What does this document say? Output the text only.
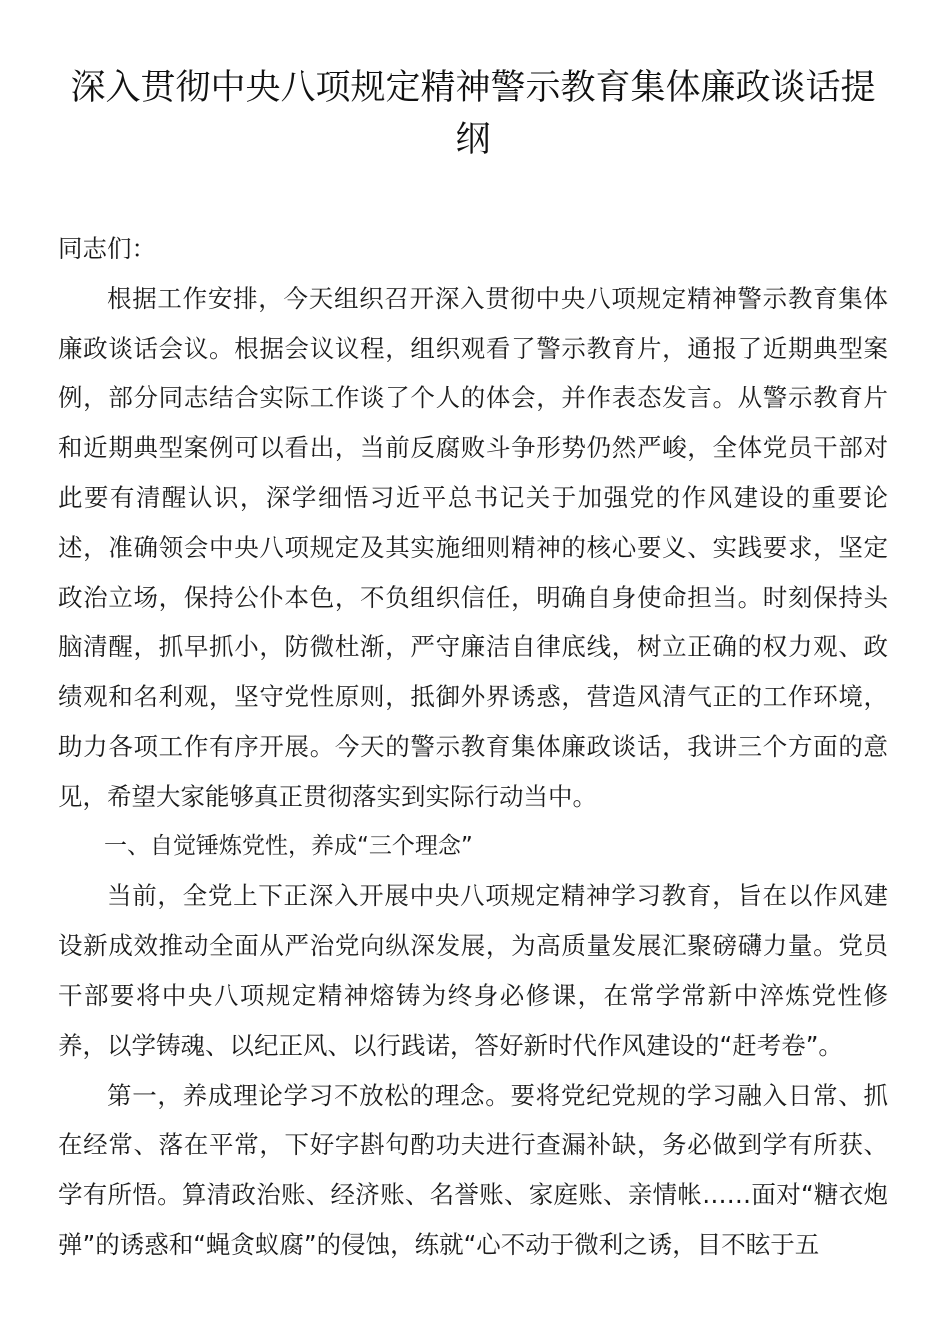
深入贯彻中央八项规定精神警示教育集体廉政谈话提纲

同志们：

根据工作安排，今天组织召开深入贯彻中央八项规定精神警示教育集体廉政谈话会议。根据会议议程，组织观看了警示教育片，通报了近期典型案例，部分同志结合实际工作谈了个人的体会，并作表态发言。从警示教育片和近期典型案例可以看出，当前反腐败斗争形势仍然严峻，全体党员干部对此要有清醒认识，深学细悟习近平总书记关于加强党的作风建设的重要论述，准确领会中央八项规定及其实施细则精神的核心要义、实践要求，坚定政治立场，保持公仆本色，不负组织信任，明确自身使命担当。时刻保持头脑清醒，抓早抓小，防微杜渐，严守廉洁自律底线，树立正确的权力观、政绩观和名利观，坚守党性原则，抵御外界诱惑，营造风清气正的工作环境，助力各项工作有序开展。今天的警示教育集体廉政谈话，我讲三个方面的意见，希望大家能够真正贯彻落实到实际行动当中。

一、自觉锤炼党性，养成“三个理念”

当前，全党上下正深入开展中央八项规定精神学习教育，旨在以作风建设新成效推动全面从严治党向纵深发展，为高质量发展汇聚磅礴力量。党员干部要将中央八项规定精神熔铸为终身必修课，在常学常新中淬炼党性修养，以学铸魂、以纪正风、以行践诺，答好新时代作风建设的“赶考卷”。

第一，养成理论学习不放松的理念。要将党纪党规的学习融入日常、抓在经常、落在平常，下好字斟句酌功夫进行查漏补缺，务必做到学有所获、学有所悟。算清政治账、经济账、名誉账、家庭账、亲情帐……面对“糖衣炮弹”的诱惑和“蝇贪蚁腐”的侵蚀，练就“心不动于微利之诱，目不眩于五
